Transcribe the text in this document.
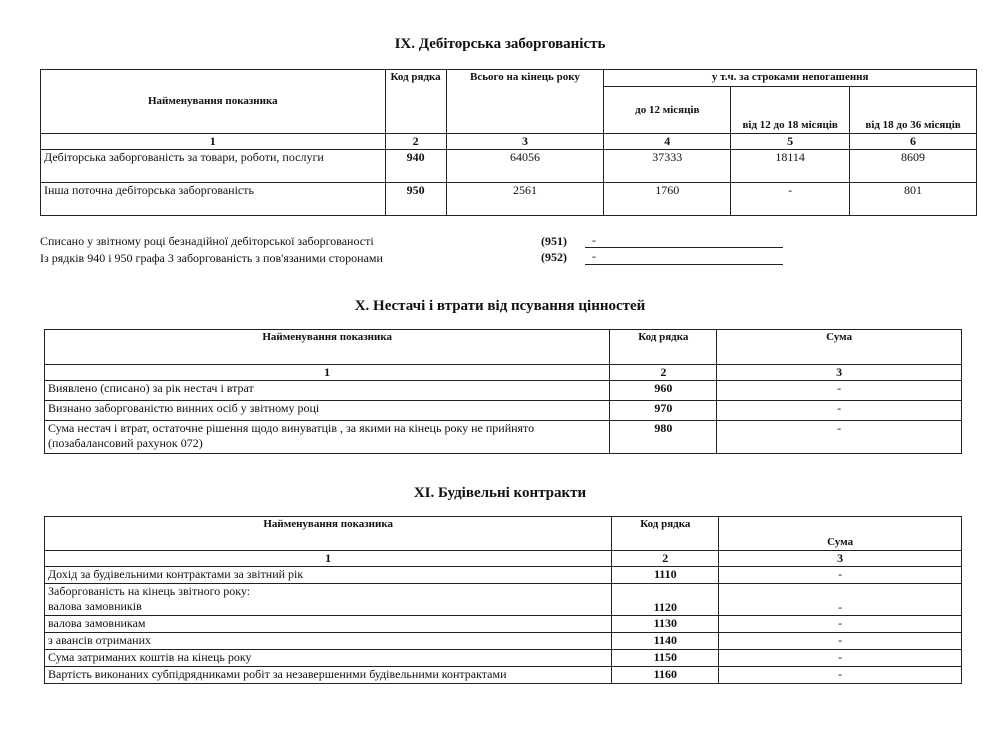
IX. Дебіторська заборгованість
Найменування показника	Код рядка	Всього на кінець року	у т.ч. за строками непогашення		
			до 12 місяців	від 12 до 18 місяців	від 18 до 36 місяців
1	2	3	4	5	6
Дебіторська заборгованість за товари, роботи, послуги	940	64056	37333	18114	8609
Інша поточна дебіторська заборгованість	950	2561	1760	-	801
Списано у звітному році безнадійної дебіторської заборгованості	(951) -
Із рядків 940 і 950 графа 3 заборгованість з пов'язаними сторонами	(952) -
X. Нестачі і втрати від псування цінностей
Найменування показника	Код рядка	Сума
1	2	3
Виявлено (списано) за рік нестач і втрат	960	-
Визнано заборгованістю винних осіб у звітному році	970	-
Сума нестач і втрат, остаточне рішення щодо винуватців , за якими на кінець року не прийнято (позабалансовий рахунок 072)	980	-
XI. Будівельні контракти
Найменування показника	Код рядка	Сума
1	2	3
Дохід за будівельними контрактами за звітний рік	1110	-

Заборгованість на кінець звітного року:
валова замовників	1120	-
валова замовникам	1130	-
з авансів отриманих	1140	-
Сума затриманих коштів на кінець року	1150	-
Вартість виконаних субпідрядниками робіт за незавершеними будівельними контрактами	1160	-
